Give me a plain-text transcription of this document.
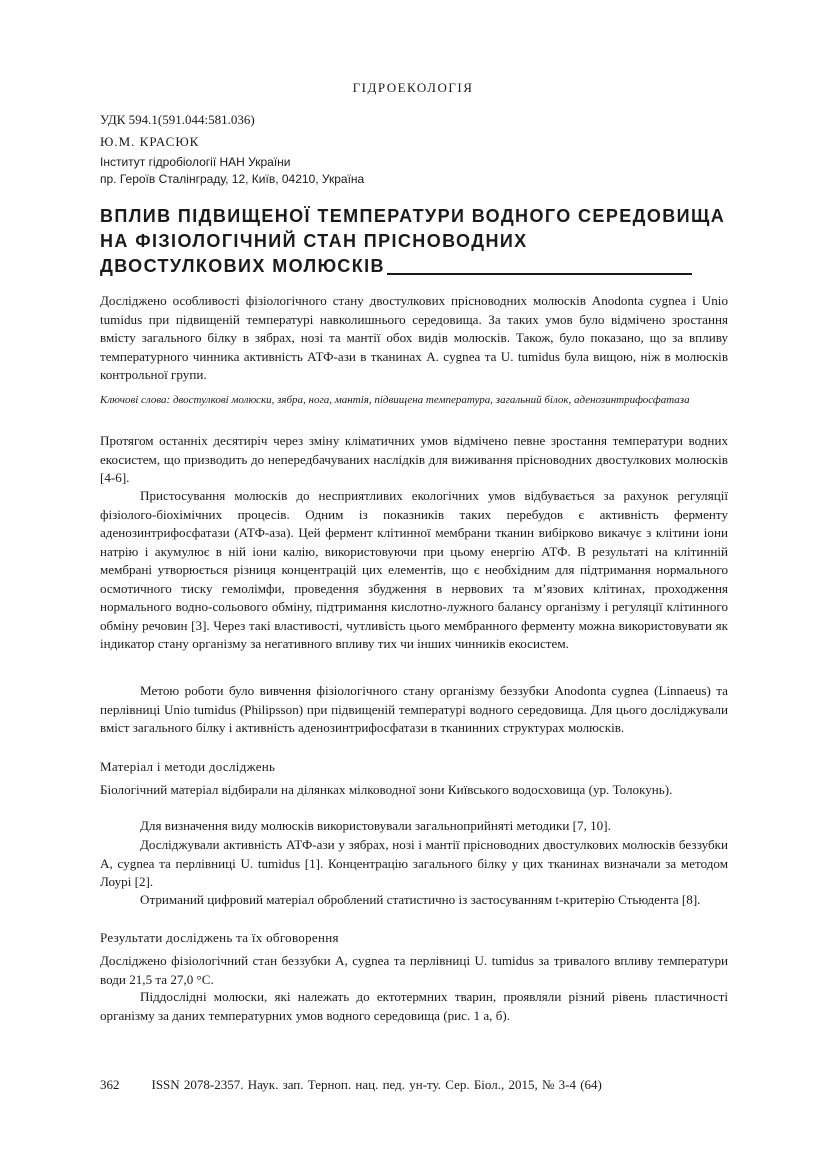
ГІДРОЕКОЛОГІЯ
УДК 594.1(591.044:581.036)
Ю.М. КРАСЮК
Інститут гідробіології НАН України
пр. Героїв Сталінграду, 12, Київ, 04210, Україна
ВПЛИВ ПІДВИЩЕНОЇ ТЕМПЕРАТУРИ ВОДНОГО СЕРЕДОВИЩА
НА ФІЗІОЛОГІЧНИЙ СТАН ПРІСНОВОДНИХ
ДВОСТУЛКОВИХ МОЛЮСКІВ
Досліджено особливості фізіологічного стану двостулкових прісноводних молюсків Anodonta cygnea і Unio tumidus при підвищеній температурі навколишнього середовища. За таких умов було відмічено зростання вмісту загального білку в зябрах, нозі та мантії обох видів молюсків. Також, було показано, що за впливу температурного чинника активність АТФ-ази в тканинах A. cygnea та U. tumidus була вищою, ніж в молюсків контрольної групи.
Ключові слова: двостулкові молюски, зябра, нога, мантія, підвищена температура, загальний білок, аденозинтрифосфатаза
Протягом останніх десятиріч через зміну кліматичних умов відмічено певне зростання температури водних екосистем, що призводить до непередбачуваних наслідків для виживання прісноводних двостулкових молюсків [4-6].
Пристосування молюсків до несприятливих екологічних умов відбувається за рахунок регуляції фізіолого-біохімічних процесів. Одним із показників таких перебудов є активність ферменту аденозинтрифосфатази (АТФ-аза). Цей фермент клітинної мембрани тканин вибірково викачує з клітини іони натрію і акумулює в ній іони калію, використовуючи при цьому енергію АТФ. В результаті на клітинній мембрані утворюється різниця концентрацій цих елементів, що є необхідним для підтримання нормального осмотичного тиску гемолімфи, проведення збудження в нервових та м’язових клітинах, проходження нормального водно-сольового обміну, підтримання кислотно-лужного балансу організму і регуляції клітинного обміну речовин [3]. Через такі властивості, чутливість цього мембранного ферменту можна використовувати як індикатор стану організму за негативного впливу тих чи інших чинників екосистем.
Метою роботи було вивчення фізіологічного стану організму беззубки Anodonta cygnea (Linnaeus) та перлівниці Unio tumidus (Philipsson) при підвищеній температурі водного середовища. Для цього досліджували вміст загального білку і активність аденозинтрифосфатази в тканинних структурах молюсків.
Матеріал і методи досліджень
Біологічний матеріал відбирали на ділянках мілководної зони Київського водосховища (ур. Толокунь).
Для визначення виду молюсків використовували загальноприйняті методики [7, 10].
Досліджували активність АТФ-ази у зябрах, нозі і мантії прісноводних двостулкових молюсків беззубки A, cygnea та перлівниці U. tumidus [1]. Концентрацію загального білку у цих тканинах визначали за методом Лоурі [2].
Отриманий цифровий матеріал оброблений статистично із застосуванням t-критерію Стьюдента [8].
Результати досліджень та їх обговорення
Досліджено фізіологічний стан беззубки A, cygnea та перлівниці U. tumidus за тривалого впливу температури води 21,5 та 27,0 °С.
Піддослідні молюски, які належать до ектотермних тварин, проявляли різний рівень пластичності організму за даних температурних умов водного середовища (рис. 1 а, б).
362 ISSN 2078-2357. Наук. зап. Терноп. нац. пед. ун-ту. Сер. Біол., 2015, № 3-4 (64)
